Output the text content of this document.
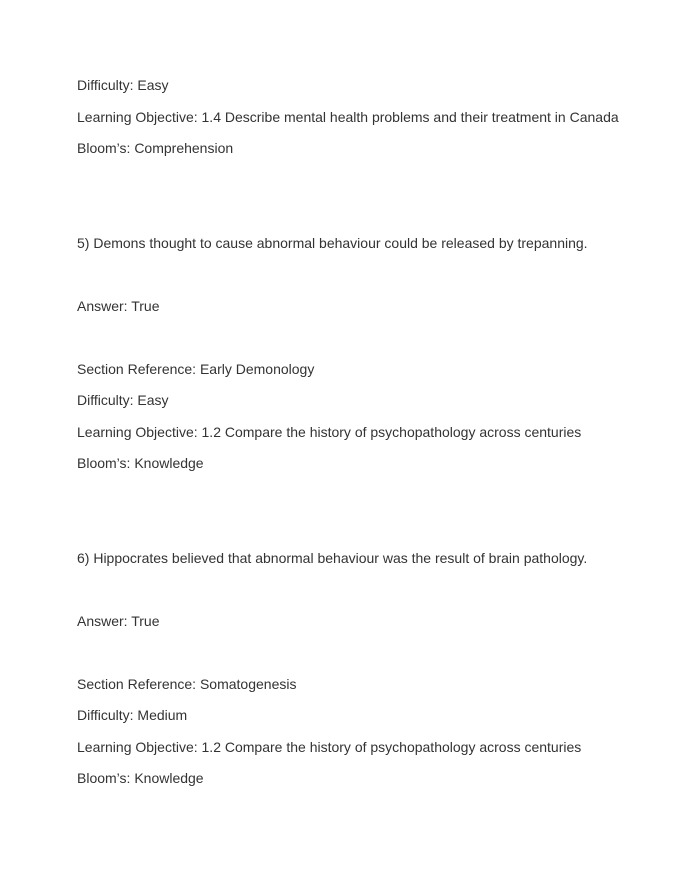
Difficulty: Easy

Learning Objective: 1.4 Describe mental health problems and their treatment in Canada

Bloom’s: Comprehension

5) Demons thought to cause abnormal behaviour could be released by trepanning.

Answer: True

Section Reference: Early Demonology

Difficulty: Easy

Learning Objective: 1.2 Compare the history of psychopathology across centuries

Bloom’s: Knowledge

6) Hippocrates believed that abnormal behaviour was the result of brain pathology.

Answer: True

Section Reference: Somatogenesis

Difficulty: Medium

Learning Objective: 1.2 Compare the history of psychopathology across centuries

Bloom’s: Knowledge
